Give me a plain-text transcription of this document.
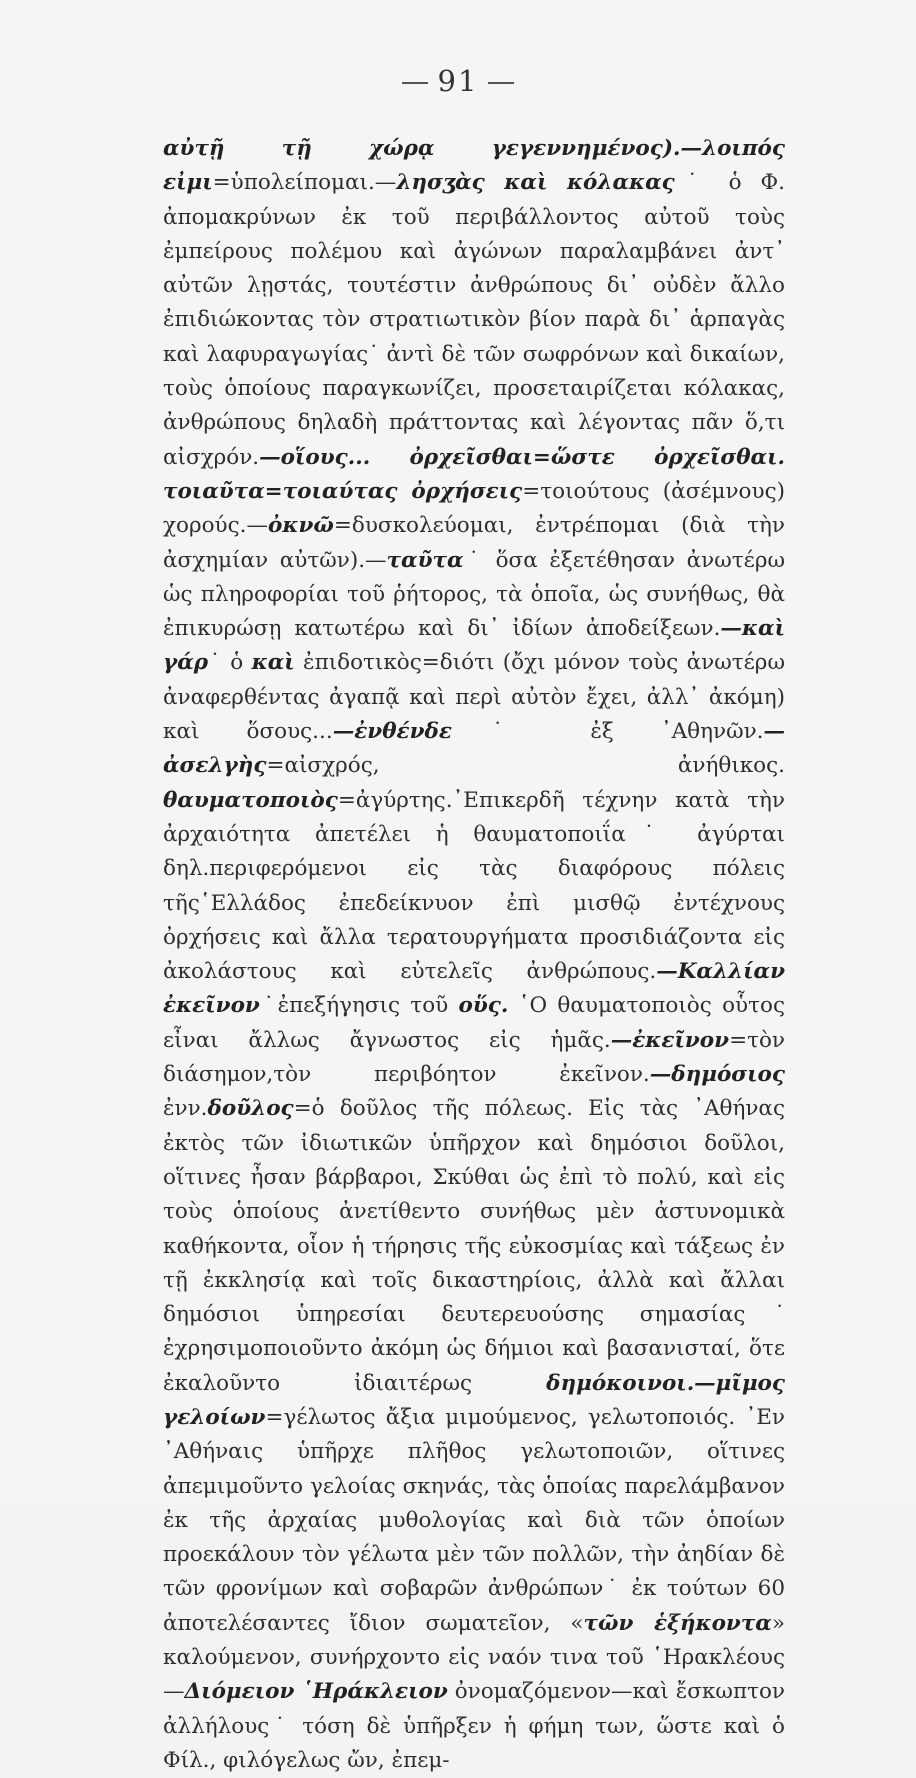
91
αὐτῇ τῇ χώρᾳ γεγεννημένος).—λοιπός εἰμι=ὑπολείπομαι.—λησʒὰς καὶ κόλακας˙ ὁ Φ. ἀπομακρύνων ἐκ τοῦ περιβάλλοντος αὐτοῦ τοὺς ἐμπείρους πολέμου καὶ ἀγώνων παραλαμβάνει ἀντ᾿ αὐτῶν λῃστάς, τουτέστιν ἀνθρώπους δι᾿ οὐδὲν ἄλλο ἐπιδιώκοντας τὸν στρατιωτικὸν βίον παρὰ δι᾿ ἁρπαγὰς καὶ λαφυραγωγίας˙ ἀντὶ δὲ τῶν σωφρόνων καὶ δικαίων, τοὺς ὁποίους παραγκωνίζει, προσεταιρίζεται κόλακας, ἀνθρώπους δηλαδὴ πράττοντας καὶ λέγοντας πᾶν ὅ,τι αἰσχρόν.—οἵους... ὀρχεῖσθαι=ὥστε ὀρχεῖσθαι. τοιαῦτα=τοιαύτας ὀρχήσεις=τοιούτους (ἀσέμνους) χορούς.—ὀκνῶ=δυσκολεύομαι, ἐντρέπομαι (διὰ τὴν ἀσχημίαν αὐτῶν).—ταῦτα˙ ὅσα ἐξετέθησαν ἀνωτέρω ὡς πληροφορίαι τοῦ ῥήτορος, τὰ ὁποῖα, ὡς συνήθως, θὰ ἐπικυρώσῃ κατωτέρω καὶ δι᾿ ἰδίων ἀποδείξεων.—καὶ γάρ˙ ὁ καὶ ἐπιδοτικὸς=διότι (ὄχι μόνον τοὺς ἀνωτέρω ἀναφερθέντας ἀγαπᾷ καὶ περὶ αὐτὸν ἔχει, ἀλλ᾿ ἀκόμη) καὶ ὅσους...—ἐνθένδε˙ ἐξ ᾿Αθηνῶν.—ἀσελγὴς=αἰσχρός, ἀνήθικος. θαυματοποιὸς=ἀγύρτης.᾿Επικερδῆ τέχνην κατὰ τὴν ἀρχαιότητα ἀπετέλει ἡ θαυματοποιΐα˙ ἀγύρται δηλ.περιφερόμενοι εἰς τὰς διαφόρους πόλεις τῆς῾Ελλάδος ἐπεδείκνυον ἐπὶ μισθῷ ἐντέχνους ὀρχήσεις καὶ ἄλλα τερατουργήματα προσιδιάζοντα εἰς ἀκολάστους καὶ εὐτελεῖς ἀνθρώπους.—Καλλίαν ἐκεῖνον˙ἐπεξήγησις τοῦ οὕς. ῾Ο θαυματοποιὸς οὗτος εἶναι ἄλλως ἄγνωστος εἰς ἡμᾶς.—ἐκεῖνον=τὸν διάσημον,τὸν περιβόητον ἐκεῖνον.—δημόσιος ἐνν.δοῦλος=ὁ δοῦλος τῆς πόλεως. Εἰς τὰς ᾿Αθήνας ἐκτὸς τῶν ἰδιωτικῶν ὑπῆρχον καὶ δημόσιοι δοῦλοι, οἵτινες ἦσαν βάρβαροι, Σκύθαι ὡς ἐπὶ τὸ πολύ, καὶ εἰς τοὺς ὁποίους ἀνετίθεντο συνήθως μὲν ἀστυνομικὰ καθήκοντα, οἷον ἡ τήρησις τῆς εὐκοσμίας καὶ τάξεως ἐν τῇ ἐκκλησίᾳ καὶ τοῖς δικαστηρίοις, ἀλλὰ καὶ ἄλλαι δημόσιοι ὑπηρεσίαι δευτερευούσης σημασίας˙ ἐχρησιμοποιοῦντο ἀκόμη ὡς δήμιοι καὶ βασανισταί, ὅτε ἐκαλοῦντο ἰδιαιτέρως δημόκοινοι.—μῖμος γελοίων=γέλωτος ἄξια μιμούμενος, γελωτοποιός. ᾿Εν ᾿Αθήναις ὑπῆρχε πλῆθος γελωτοποιῶν, οἵτινες ἀπεμιμοῦντο γελοίας σκηνάς, τὰς ὁποίας παρελάμβανον ἐκ τῆς ἀρχαίας μυθολογίας καὶ διὰ τῶν ὁποίων προεκάλουν τὸν γέλωτα μὲν τῶν πολλῶν, τὴν ἀηδίαν δὲ τῶν φρονίμων καὶ σοβαρῶν ἀνθρώπων˙ ἐκ τούτων 60 ἀποτελέσαντες ἴδιον σωματεῖον, «τῶν ἑξήκοντα» καλούμενον, συνήρχοντο εἰς ναόν τινα τοῦ ῾Ηρακλέους—Διόμειον ῾Ηράκλειον ὀνομαζόμενον—καὶ ἔσκωπτον ἀλλήλους˙ τόση δὲ ὑπῆρξεν ἡ φήμη των, ὥστε καὶ ὁ Φίλ., φιλόγελως ὤν, ἐπεμ-
